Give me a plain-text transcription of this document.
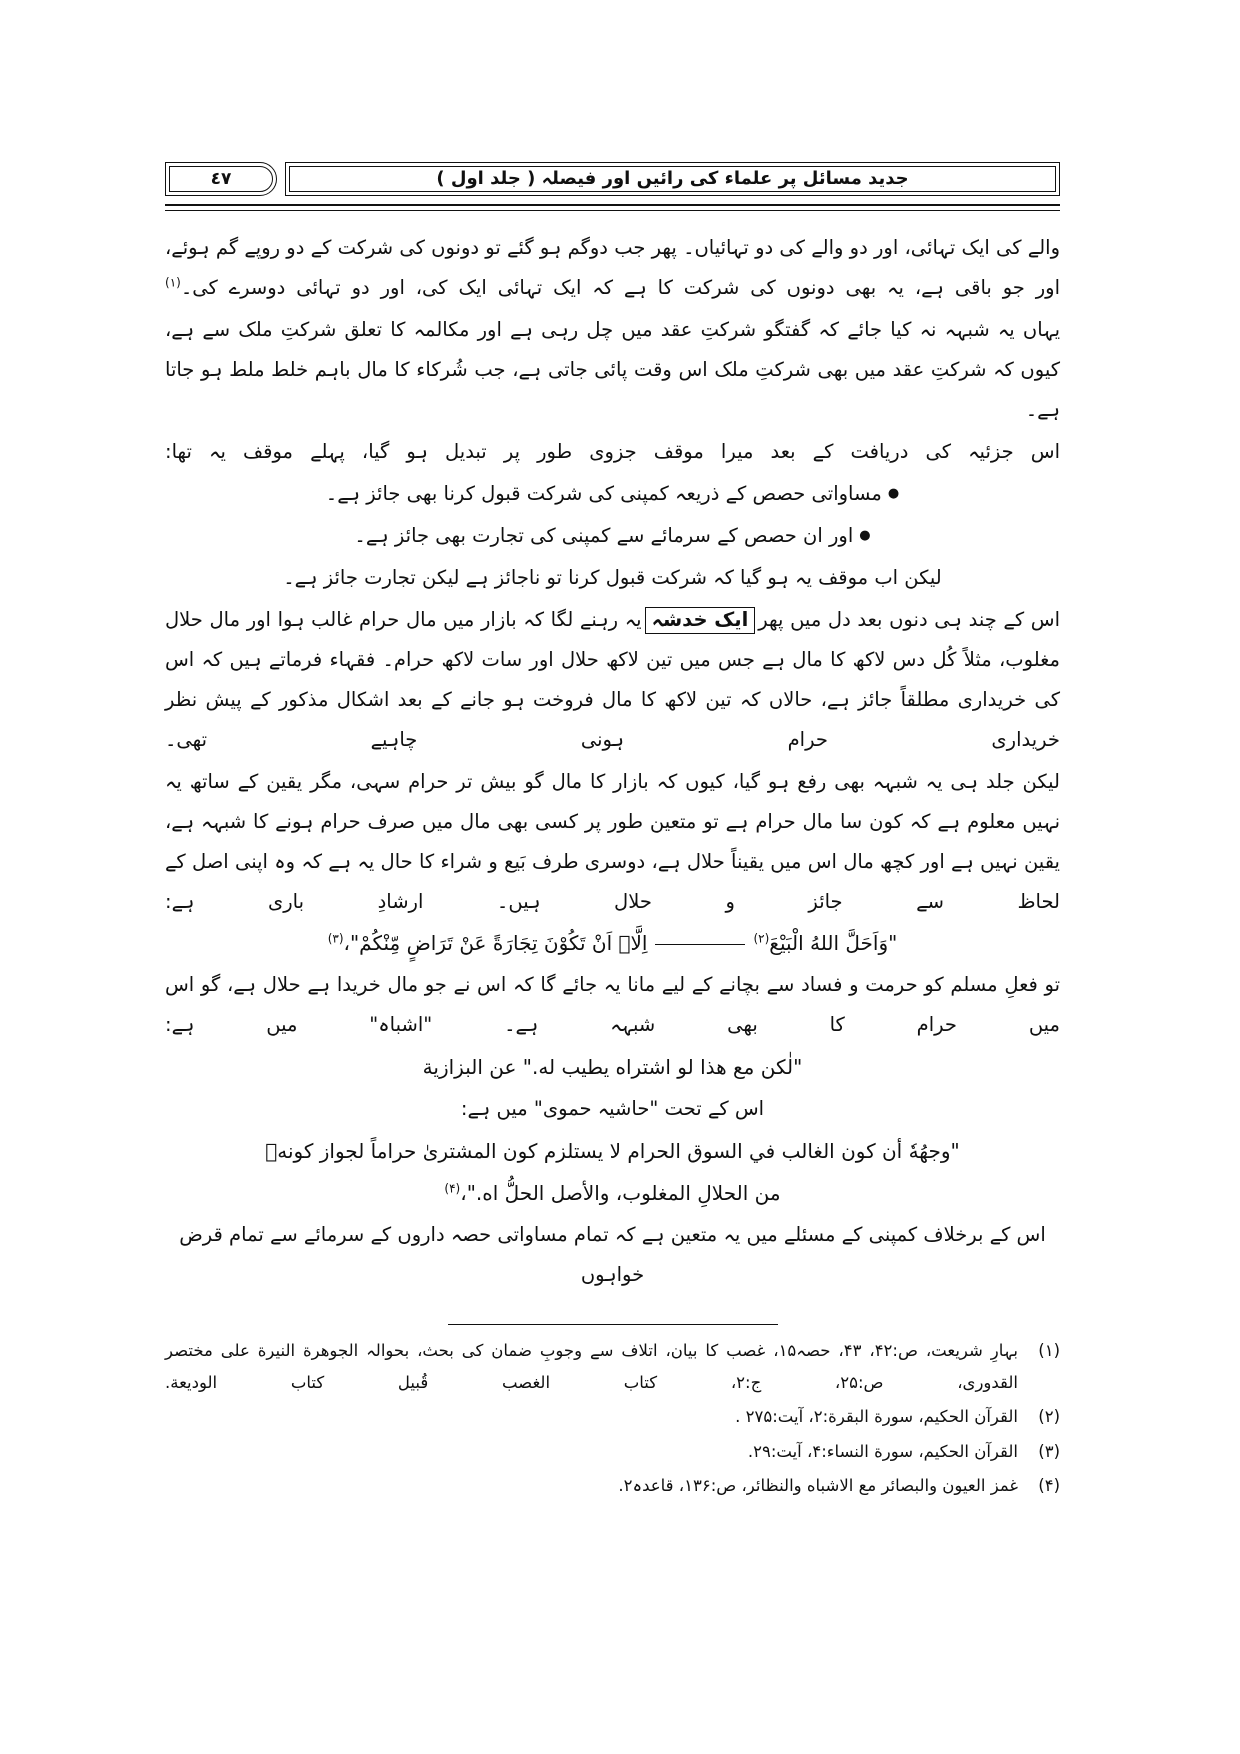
جدید مسائل پر علماء کی رائیں اور فیصلہ ( جلد اول )
٤٧

والے کی ایک تہائی، اور دو والے کی دو تہائیاں۔ پھر جب دوگم ہو گئے تو دونوں کی شرکت کے دو روپے گم ہوئے، اور جو باقی ہے، یہ بھی دونوں کی شرکت کا ہے کہ ایک تہائی ایک کی، اور دو تہائی دوسرے کی۔$^{(۱)}$

یہاں یہ شبہہ نہ کیا جائے کہ گفتگو شرکتِ عقد میں چل رہی ہے اور مکالمہ کا تعلق شرکتِ ملک سے ہے، کیوں کہ شرکتِ عقد میں بھی شرکتِ ملک اس وقت پائی جاتی ہے، جب شُرکاء کا مال باہم خلط ملط ہو جاتا ہے۔

اس جزئیہ کی دریافت کے بعد میرا موقف جزوی طور پر تبدیل ہو گیا، پہلے موقف یہ تھا:

●مساواتی حصص کے ذریعہ کمپنی کی شرکت قبول کرنا بھی جائز ہے۔

●اور ان حصص کے سرمائے سے کمپنی کی تجارت بھی جائز ہے۔

لیکن اب موقف یہ ہو گیا کہ شرکت قبول کرنا تو ناجائز ہے لیکن تجارت جائز ہے۔

اس کے چند ہی دنوں بعد دل میں پھرایک خدشہیہ رہنے لگا کہ بازار میں مال حرام غالب ہوا اور مال حلال مغلوب، مثلاً کُل دس لاکھ کا مال ہے جس میں تین لاکھ حلال اور سات لاکھ حرام۔ فقہاء فرماتے ہیں کہ اس کی خریداری مطلقاً جائز ہے، حالاں کہ تین لاکھ کا مال فروخت ہو جانے کے بعد اشکال مذکور کے پیش نظر خریداری حرام ہونی چاہیے تھی۔

لیکن جلد ہی یہ شبہہ بھی رفع ہو گیا، کیوں کہ بازار کا مال گو بیش تر حرام سہی، مگر یقین کے ساتھ یہ نہیں معلوم ہے کہ کون سا مال حرام ہے تو متعین طور پر کسی بھی مال میں صرف حرام ہونے کا شبہہ ہے، یقین نہیں ہے اور کچھ مال اس میں یقیناً حلال ہے، دوسری طرف بَیع و شراء کا حال یہ ہے کہ وہ اپنی اصل کے لحاظ سے جائز و حلال ہیں۔ ارشادِ باری ہے:

"وَاَحَلَّ اللهُ الْبَيْعَ$^{(۲)}$اِلَّاۤ اَنْ تَكُوْنَ تِجَارَةً عَنْ تَرَاضٍ مِّنْكُمْ"،$^{(۳)}$

تو فعلِ مسلم کو حرمت و فساد سے بچانے کے لیے مانا یہ جائے گا کہ اس نے جو مال خریدا ہے حلال ہے، گو اس میں حرام کا بھی شبہہ ہے۔ "اشباہ" میں ہے:

"لٰکن مع هذا لو اشتراه يطيب له." عن البزازية

اس کے تحت "حاشیہ حموی" میں ہے:

"وجهُهٗ أن كون الغالب في السوق الحرام لا يستلزم كون المشترىٰ حراماً لجواز كونهٖ

من الحلالِ المغلوب، والأصل الحلُّ اه."،$^{(۴)}$

اس کے برخلاف کمپنی کے مسئلے میں یہ متعین ہے کہ تمام مساواتی حصہ داروں کے سرمائے سے تمام قرض خواہوں

(۱)
بہارِ شریعت، ص:۴۲، ۴۳، حصہ۱۵، غصب کا بیان، اتلاف سے وجوبِ ضمان کی بحث، بحوالہ الجوهرة النيرة علی مختصر القدوری، ص:۲۵، ج:۲، كتاب الغصب قُبيل كتاب الوديعة.
(۲)
القرآن الحکیم، سورة البقرة:۲، آیت:۲۷۵ .
(۳)
القرآن الحکیم، سورة النساء:۴، آیت:۲۹.
(۴)
غمز العيون والبصائر مع الاشباه والنظائر، ص:۱۳۶، قاعدہ۲.
